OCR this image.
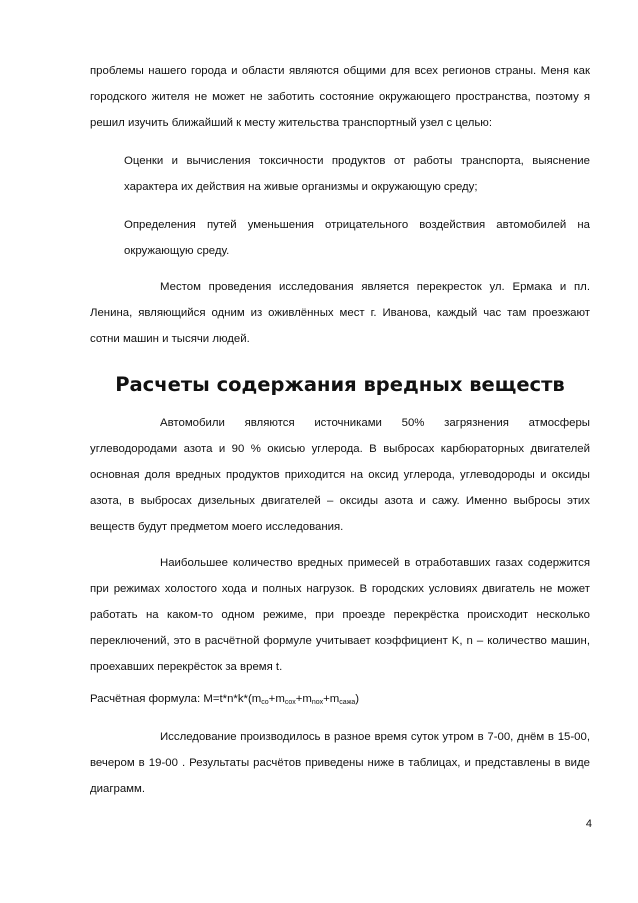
проблемы нашего города и области являются общими для всех регионов страны. Меня как городского жителя не может не заботить состояние окружающего пространства, поэтому я решил изучить ближайший к месту жительства транспортный узел с целью:

Оценки и вычисления токсичности продуктов от работы транспорта, выяснение характера их действия на живые организмы и окружающую среду;
Определения путей уменьшения отрицательного воздействия автомобилей на окружающую среду.

Местом проведения исследования является перекресток ул. Ермака и пл. Ленина, являющийся одним из оживлённых мест г. Иванова, каждый час там проезжают сотни машин и тысячи людей.

Расчеты содержания вредных веществ

Автомобили являются источниками 50% загрязнения атмосферы углеводородами азота и 90 % окисью углерода. В выбросах карбюраторных двигателей основная доля вредных продуктов приходится на оксид углерода, углеводороды и оксиды азота, в выбросах дизельных двигателей – оксиды азота и сажу. Именно выбросы этих веществ будут предметом моего исследования.

Наибольшее количество вредных примесей в отработавших газах содержится при режимах холостого хода и полных нагрузок. В городских условиях двигатель не может работать на каком-то одном режиме, при проезде перекрёстка происходит несколько переключений, это в расчётной формуле учитывает коэффициент K, n – количество машин, проехавших перекрёсток за время t.

Расчётная формула: $M=t*n*k*(m_{co}+m_{cox}+m_{nox}+m_{сажа})$

Исследование производилось в разное время суток утром в 7-00, днём в 15-00, вечером в 19-00 . Результаты расчётов приведены ниже в таблицах, и представлены в виде диаграмм.

4
